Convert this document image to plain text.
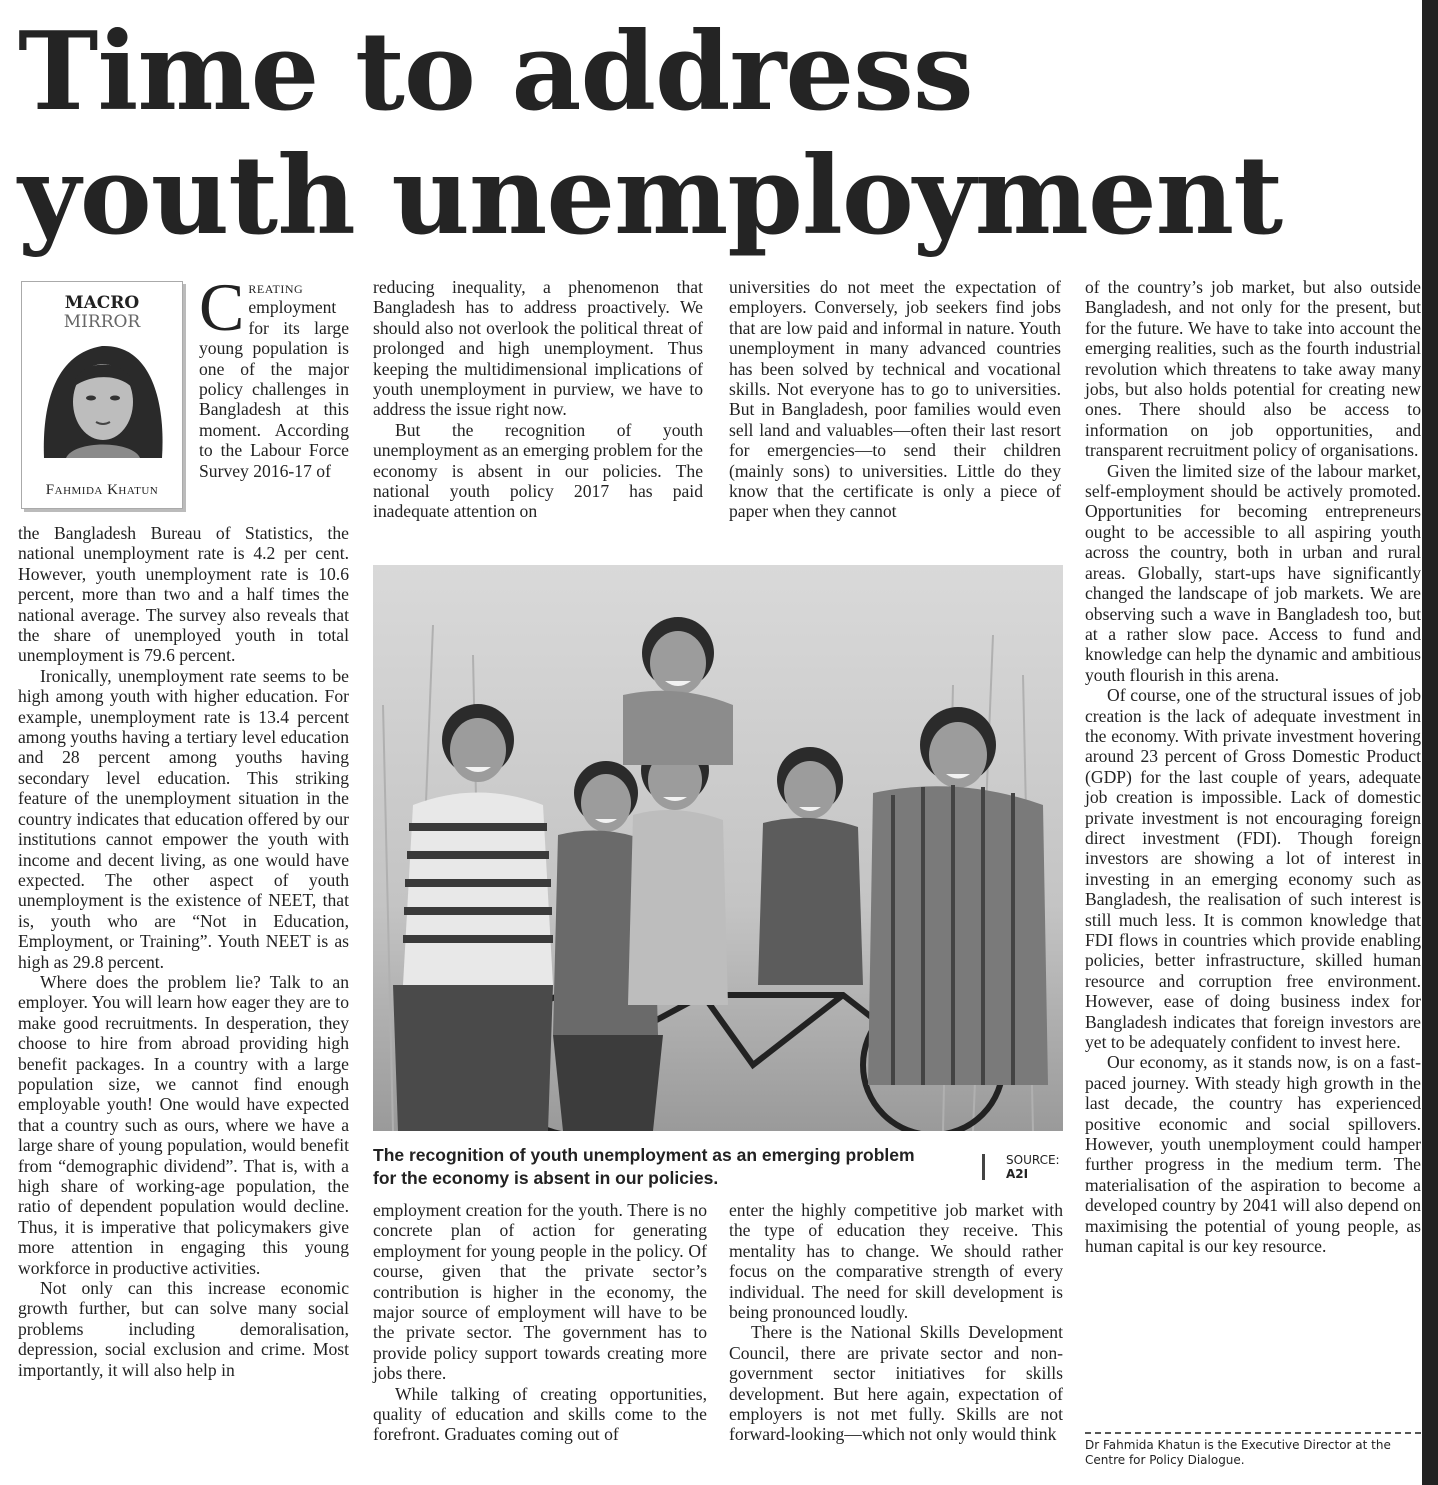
Time to address youth unemployment
MACRO
MIRROR
Fahmida Khatun

Creating employment for its large young population is one of the major policy challenges in Bangladesh at this moment. According to the Labour Force Survey 2016-17 of

the Bangladesh Bureau of Statistics, the national unemployment rate is 4.2 per cent. However, youth unemployment rate is 10.6 percent, more than two and a half times the national average. The survey also reveals that the share of unemployed youth in total unemployment is 79.6 percent.

Ironically, unemployment rate seems to be high among youth with higher education. For example, unemployment rate is 13.4 percent among youths having a tertiary level education and 28 percent among youths having secondary level education. This striking feature of the unemployment situation in the country indicates that education offered by our institutions cannot empower the youth with income and decent living, as one would have expected. The other aspect of youth unemployment is the existence of NEET, that is, youth who are “Not in Education, Employment, or Training”. Youth NEET is as high as 29.8 percent.

Where does the problem lie? Talk to an employer. You will learn how eager they are to make good recruitments. In desperation, they choose to hire from abroad providing high benefit packages. In a country with a large population size, we cannot find enough employable youth! One would have expected that a country such as ours, where we have a large share of young population, would benefit from “demographic dividend”. That is, with a high share of working-age population, the ratio of dependent population would decline. Thus, it is imperative that policymakers give more attention in engaging this young workforce in productive activities.

Not only can this increase economic growth further, but can solve many social problems including demoralisation, depression, social exclusion and crime. Most importantly, it will also help in

reducing inequality, a phenomenon that Bangladesh has to address proactively. We should also not overlook the political threat of prolonged and high unemployment. Thus keeping the multidimensional implications of youth unemployment in purview, we have to address the issue right now.

But the recognition of youth unemployment as an emerging problem for the economy is absent in our policies. The national youth policy 2017 has paid inadequate attention on

universities do not meet the expectation of employers. Conversely, job seekers find jobs that are low paid and informal in nature. Youth unemployment in many advanced countries has been solved by technical and vocational skills. Not everyone has to go to universities. But in Bangladesh, poor families would even sell land and valuables—often their last resort for emergencies—to send their children (mainly sons) to universities. Little do they know that the certificate is only a piece of paper when they cannot

The recognition of youth unemployment as an emerging problem for the economy is absent in our policies.
SOURCE:
A2I

employment creation for the youth. There is no concrete plan of action for generating employment for young people in the policy. Of course, given that the private sector’s contribution is higher in the economy, the major source of employment will have to be the private sector. The government has to provide policy support towards creating more jobs there.

While talking of creating opportunities, quality of education and skills come to the forefront. Graduates coming out of

enter the highly competitive job market with the type of education they receive. This mentality has to change. We should rather focus on the comparative strength of every individual. The need for skill development is being pronounced loudly.

There is the National Skills Development Council, there are private sector and non-government sector initiatives for skills development. But here again, expectation of employers is not met fully. Skills are not forward-looking—which not only would think

of the country’s job market, but also outside Bangladesh, and not only for the present, but for the future. We have to take into account the emerging realities, such as the fourth industrial revolution which threatens to take away many jobs, but also holds potential for creating new ones. There should also be access to information on job opportunities, and transparent recruitment policy of organisations.

Given the limited size of the labour market, self-employment should be actively promoted. Opportunities for becoming entrepreneurs ought to be accessible to all aspiring youth across the country, both in urban and rural areas. Globally, start-ups have significantly changed the landscape of job markets. We are observing such a wave in Bangladesh too, but at a rather slow pace. Access to fund and knowledge can help the dynamic and ambitious youth flourish in this arena.

Of course, one of the structural issues of job creation is the lack of adequate investment in the economy. With private investment hovering around 23 percent of Gross Domestic Product (GDP) for the last couple of years, adequate job creation is impossible. Lack of domestic private investment is not encouraging foreign direct investment (FDI). Though foreign investors are showing a lot of interest in investing in an emerging economy such as Bangladesh, the realisation of such interest is still much less. It is common knowledge that FDI flows in countries which provide enabling policies, better infrastructure, skilled human resource and corruption free environment. However, ease of doing business index for Bangladesh indicates that foreign investors are yet to be adequately confident to invest here.

Our economy, as it stands now, is on a fast-paced journey. With steady high growth in the last decade, the country has experienced positive economic and social spillovers. However, youth unemployment could hamper further progress in the medium term. The materialisation of the aspiration to become a developed country by 2041 will also depend on maximising the potential of young people, as human capital is our key resource.

Dr Fahmida Khatun is the Executive Director at the Centre for Policy Dialogue.
